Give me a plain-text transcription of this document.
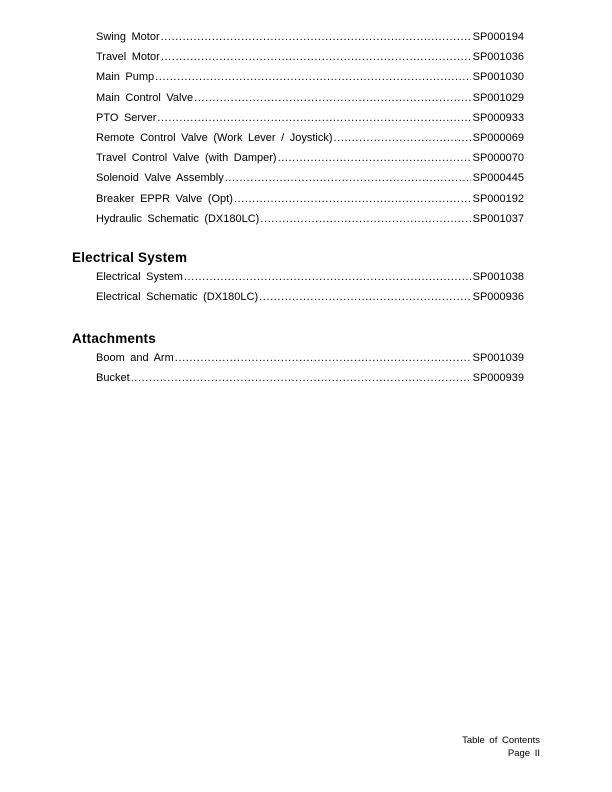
Swing Motor .....	SP000194
Travel Motor .....	SP001036
Main Pump .....	SP001030
Main Control Valve .....	SP001029
PTO Server .....	SP000933
Remote Control Valve (Work Lever / Joystick) .....	SP000069
Travel Control Valve (with Damper) .....	SP000070
Solenoid Valve Assembly .....	SP000445
Breaker EPPR Valve (Opt) .....	SP000192
Hydraulic Schematic (DX180LC) .....	SP001037
Electrical System
Electrical System .....	SP001038
Electrical Schematic (DX180LC) .....	SP000936
Attachments
Boom and Arm .....	SP001039
Bucket .....	SP000939
Table of Contents
Page II
